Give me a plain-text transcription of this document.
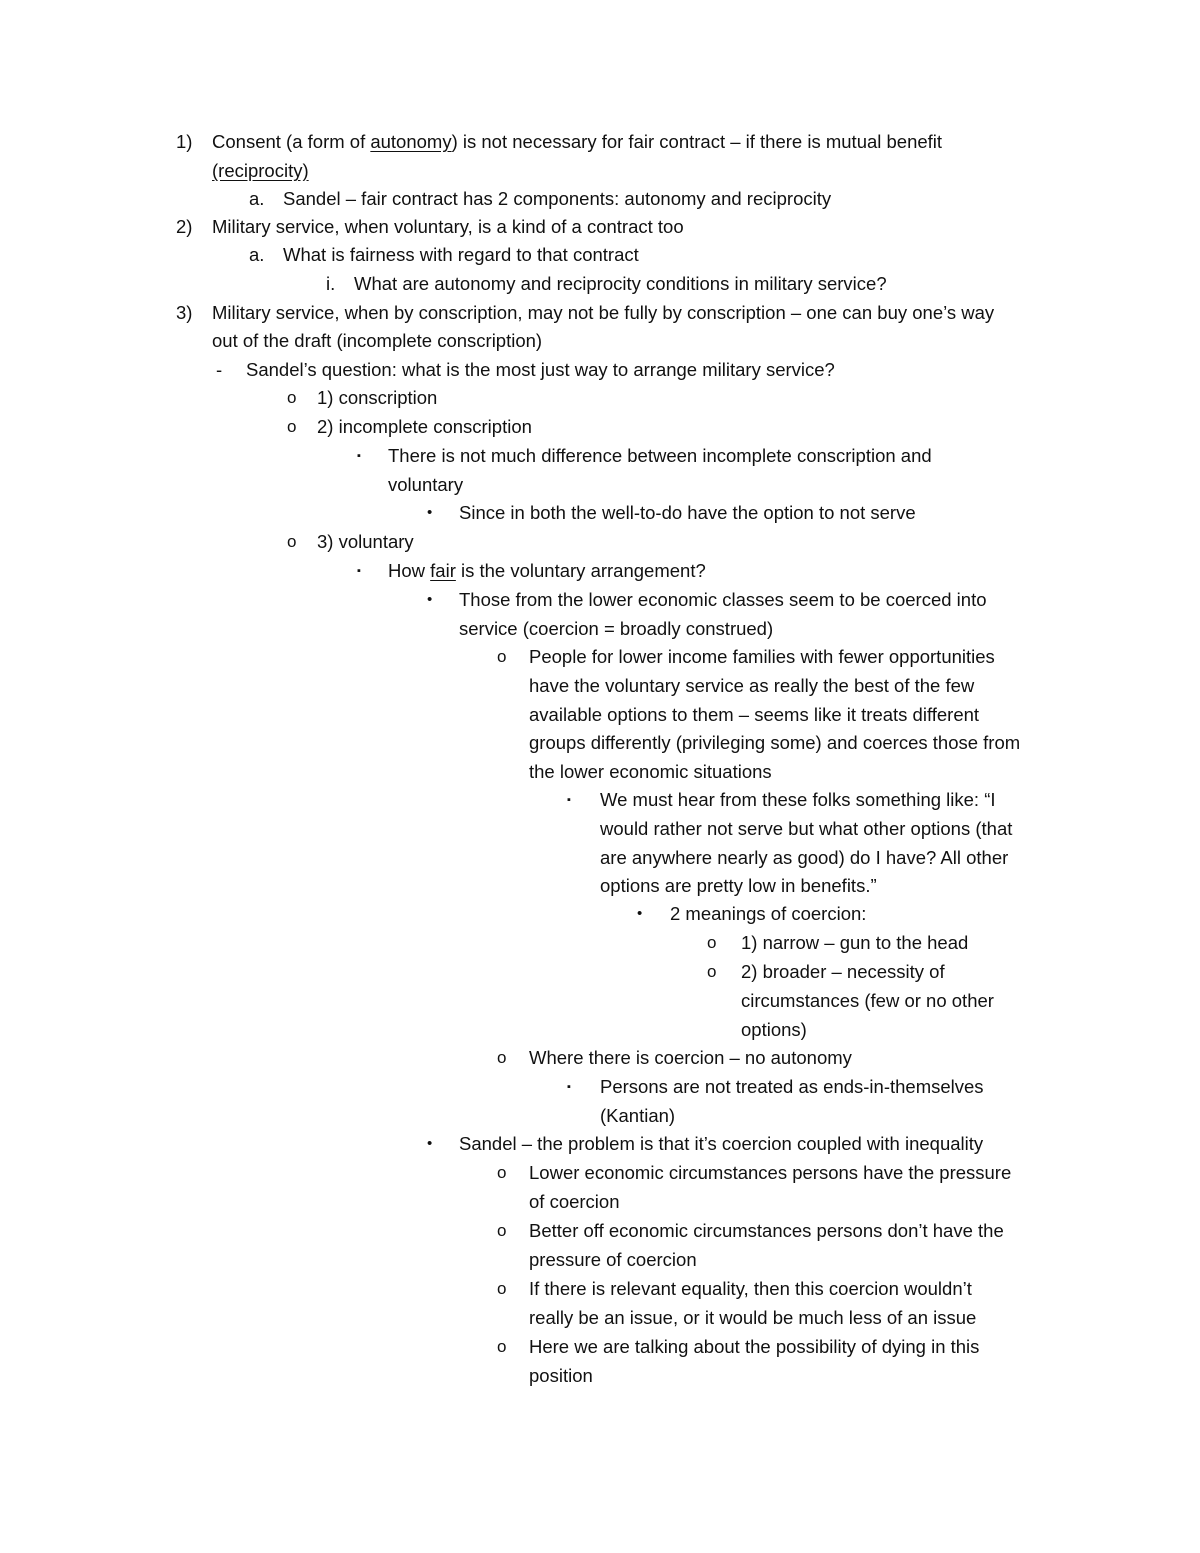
1) Consent (a form of autonomy) is not necessary for fair contract – if there is mutual benefit
(reciprocity)
a. Sandel – fair contract has 2 components: autonomy and reciprocity
2) Military service, when voluntary, is a kind of a contract too
a. What is fairness with regard to that contract
i. What are autonomy and reciprocity conditions in military service?
3) Military service, when by conscription, may not be fully by conscription – one can buy one’s way
out of the draft (incomplete conscription)
- Sandel’s question: what is the most just way to arrange military service?
o 1) conscription
o 2) incomplete conscription
▪ There is not much difference between incomplete conscription and
voluntary
• Since in both the well-to-do have the option to not serve
o 3) voluntary
▪ How fair is the voluntary arrangement?
• Those from the lower economic classes seem to be coerced into
service (coercion = broadly construed)
o People for lower income families with fewer opportunities
have the voluntary service as really the best of the few
available options to them – seems like it treats different
groups differently (privileging some) and coerces those from
the lower economic situations
▪ We must hear from these folks something like: “I
would rather not serve but what other options (that
are anywhere nearly as good) do I have? All other
options are pretty low in benefits.”
• 2 meanings of coercion:
o 1) narrow – gun to the head
o 2) broader – necessity of
circumstances (few or no other
options)
o Where there is coercion – no autonomy
▪ Persons are not treated as ends-in-themselves
(Kantian)
• Sandel – the problem is that it’s coercion coupled with inequality
o Lower economic circumstances persons have the pressure
of coercion
o Better off economic circumstances persons don’t have the
pressure of coercion
o If there is relevant equality, then this coercion wouldn’t
really be an issue, or it would be much less of an issue
o Here we are talking about the possibility of dying in this
position
